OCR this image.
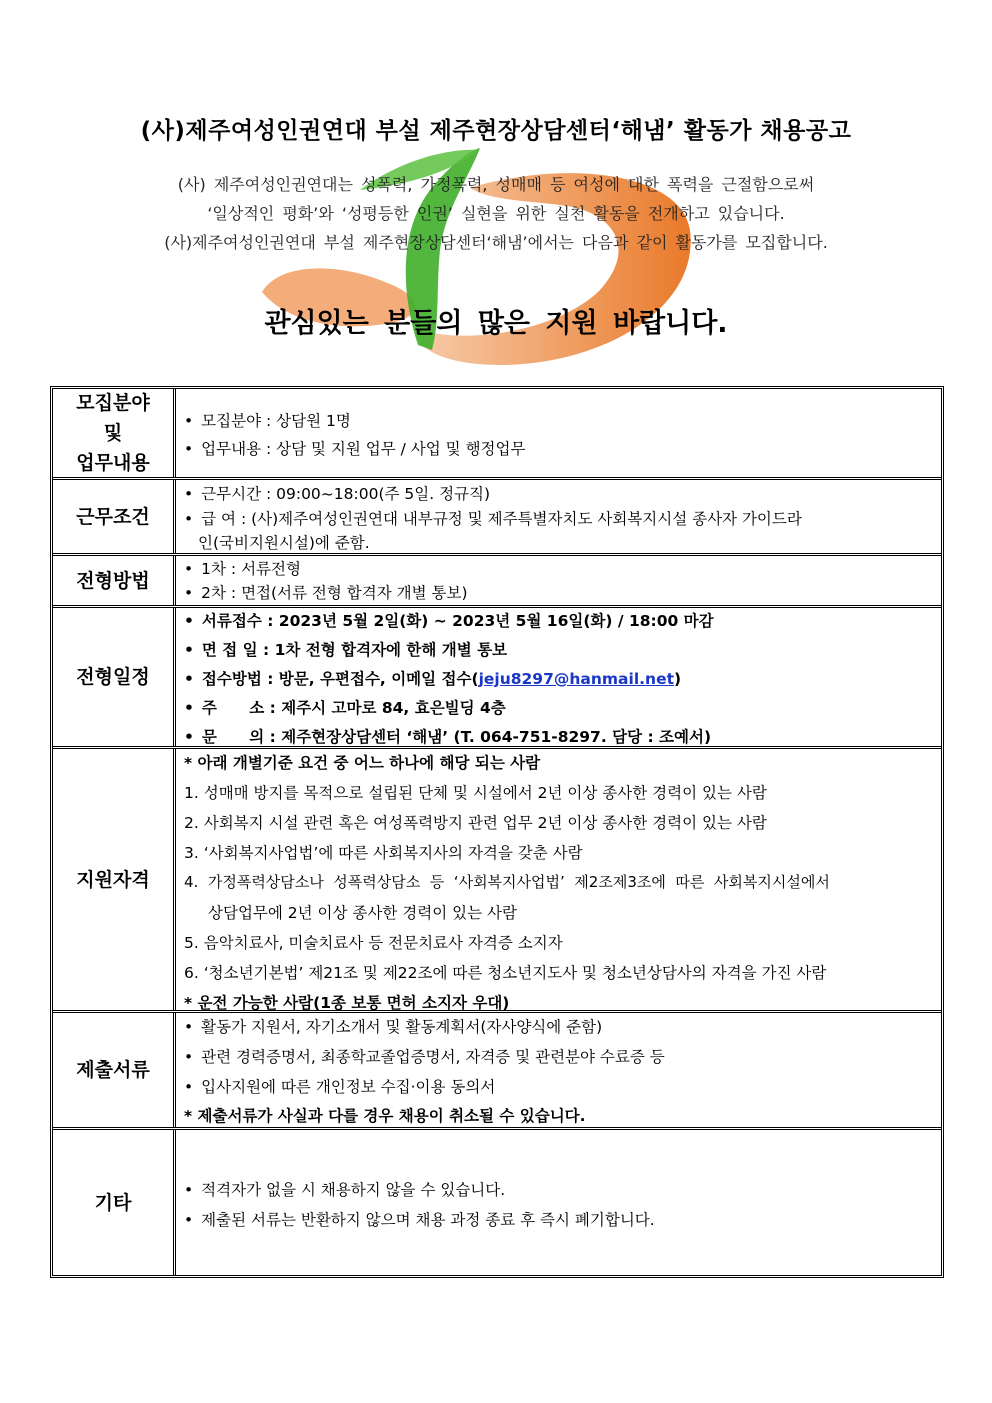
(사)제주여성인권연대 부설 제주현장상담센터‘해냄’ 활동가 채용공고
(사) 제주여성인권연대는 성폭력, 가정폭력, 성매매 등 여성에 대한 폭력을 근절함으로써
‘일상적인 평화’와 ‘성평등한 인권’ 실현을 위한 실천 활동을 전개하고 있습니다.
(사)제주여성인권연대 부설 제주현장상담센터‘해냄’에서는 다음과 같이 활동가를 모집합니다.
관심있는 분들의 많은 지원 바랍니다.
모집분야
및
업무내용
• 모집분야 : 상담원 1명
• 업무내용 : 상담 및 지원 업무 / 사업 및 행정업무
근무조건
• 근무시간 : 09:00~18:00(주 5일. 정규직)
• 급 여 : (사)제주여성인권연대 내부규정 및 제주특별자치도 사회복지시설 종사자 가이드라
인(국비지원시설)에 준함.
전형방법
• 1차 : 서류전형
• 2차 : 면접(서류 전형 합격자 개별 통보)
전형일정
• 서류접수 : 2023년 5월 2일(화) ~ 2023년 5월 16일(화) / 18:00 마감
• 면 접 일 : 1차 전형 합격자에 한해 개별 통보
• 접수방법 : 방문, 우편접수, 이메일 접수(jeju8297@hanmail.net)
• 주      소 : 제주시 고마로 84, 효은빌딩 4층
• 문      의 : 제주현장상담센터 ‘해냄’ (T. 064-751-8297. 담당 : 조예서)
지원자격
* 아래 개별기준 요건 중 어느 하나에 해당 되는 사람
1. 성매매 방지를 목적으로 설립된 단체 및 시설에서 2년 이상 종사한 경력이 있는 사람
2. 사회복지 시설 관련 혹은 여성폭력방지 관련 업무 2년 이상 종사한 경력이 있는 사람
3. ‘사회복지사업법’에 따른 사회복지사의 자격을 갖춘 사람
4.  가정폭력상담소나  성폭력상담소  등  ‘사회복지사업법’  제2조제3조에  따른  사회복지시설에서
상담업무에 2년 이상 종사한 경력이 있는 사람
5. 음악치료사, 미술치료사 등 전문치료사 자격증 소지자
6. ‘청소년기본법’ 제21조 및 제22조에 따른 청소년지도사 및 청소년상담사의 자격을 가진 사람
* 운전 가능한 사람(1종 보통 면허 소지자 우대)
제출서류
• 활동가 지원서, 자기소개서 및 활동계획서(자사양식에 준함)
• 관련 경력증명서, 최종학교졸업증명서, 자격증 및 관련분야 수료증 등
• 입사지원에 따른 개인정보 수집·이용 동의서
* 제출서류가 사실과 다를 경우 채용이 취소될 수 있습니다.
기타
• 적격자가 없을 시 채용하지 않을 수 있습니다.
• 제출된 서류는 반환하지 않으며 채용 과정 종료 후 즉시 폐기합니다.
